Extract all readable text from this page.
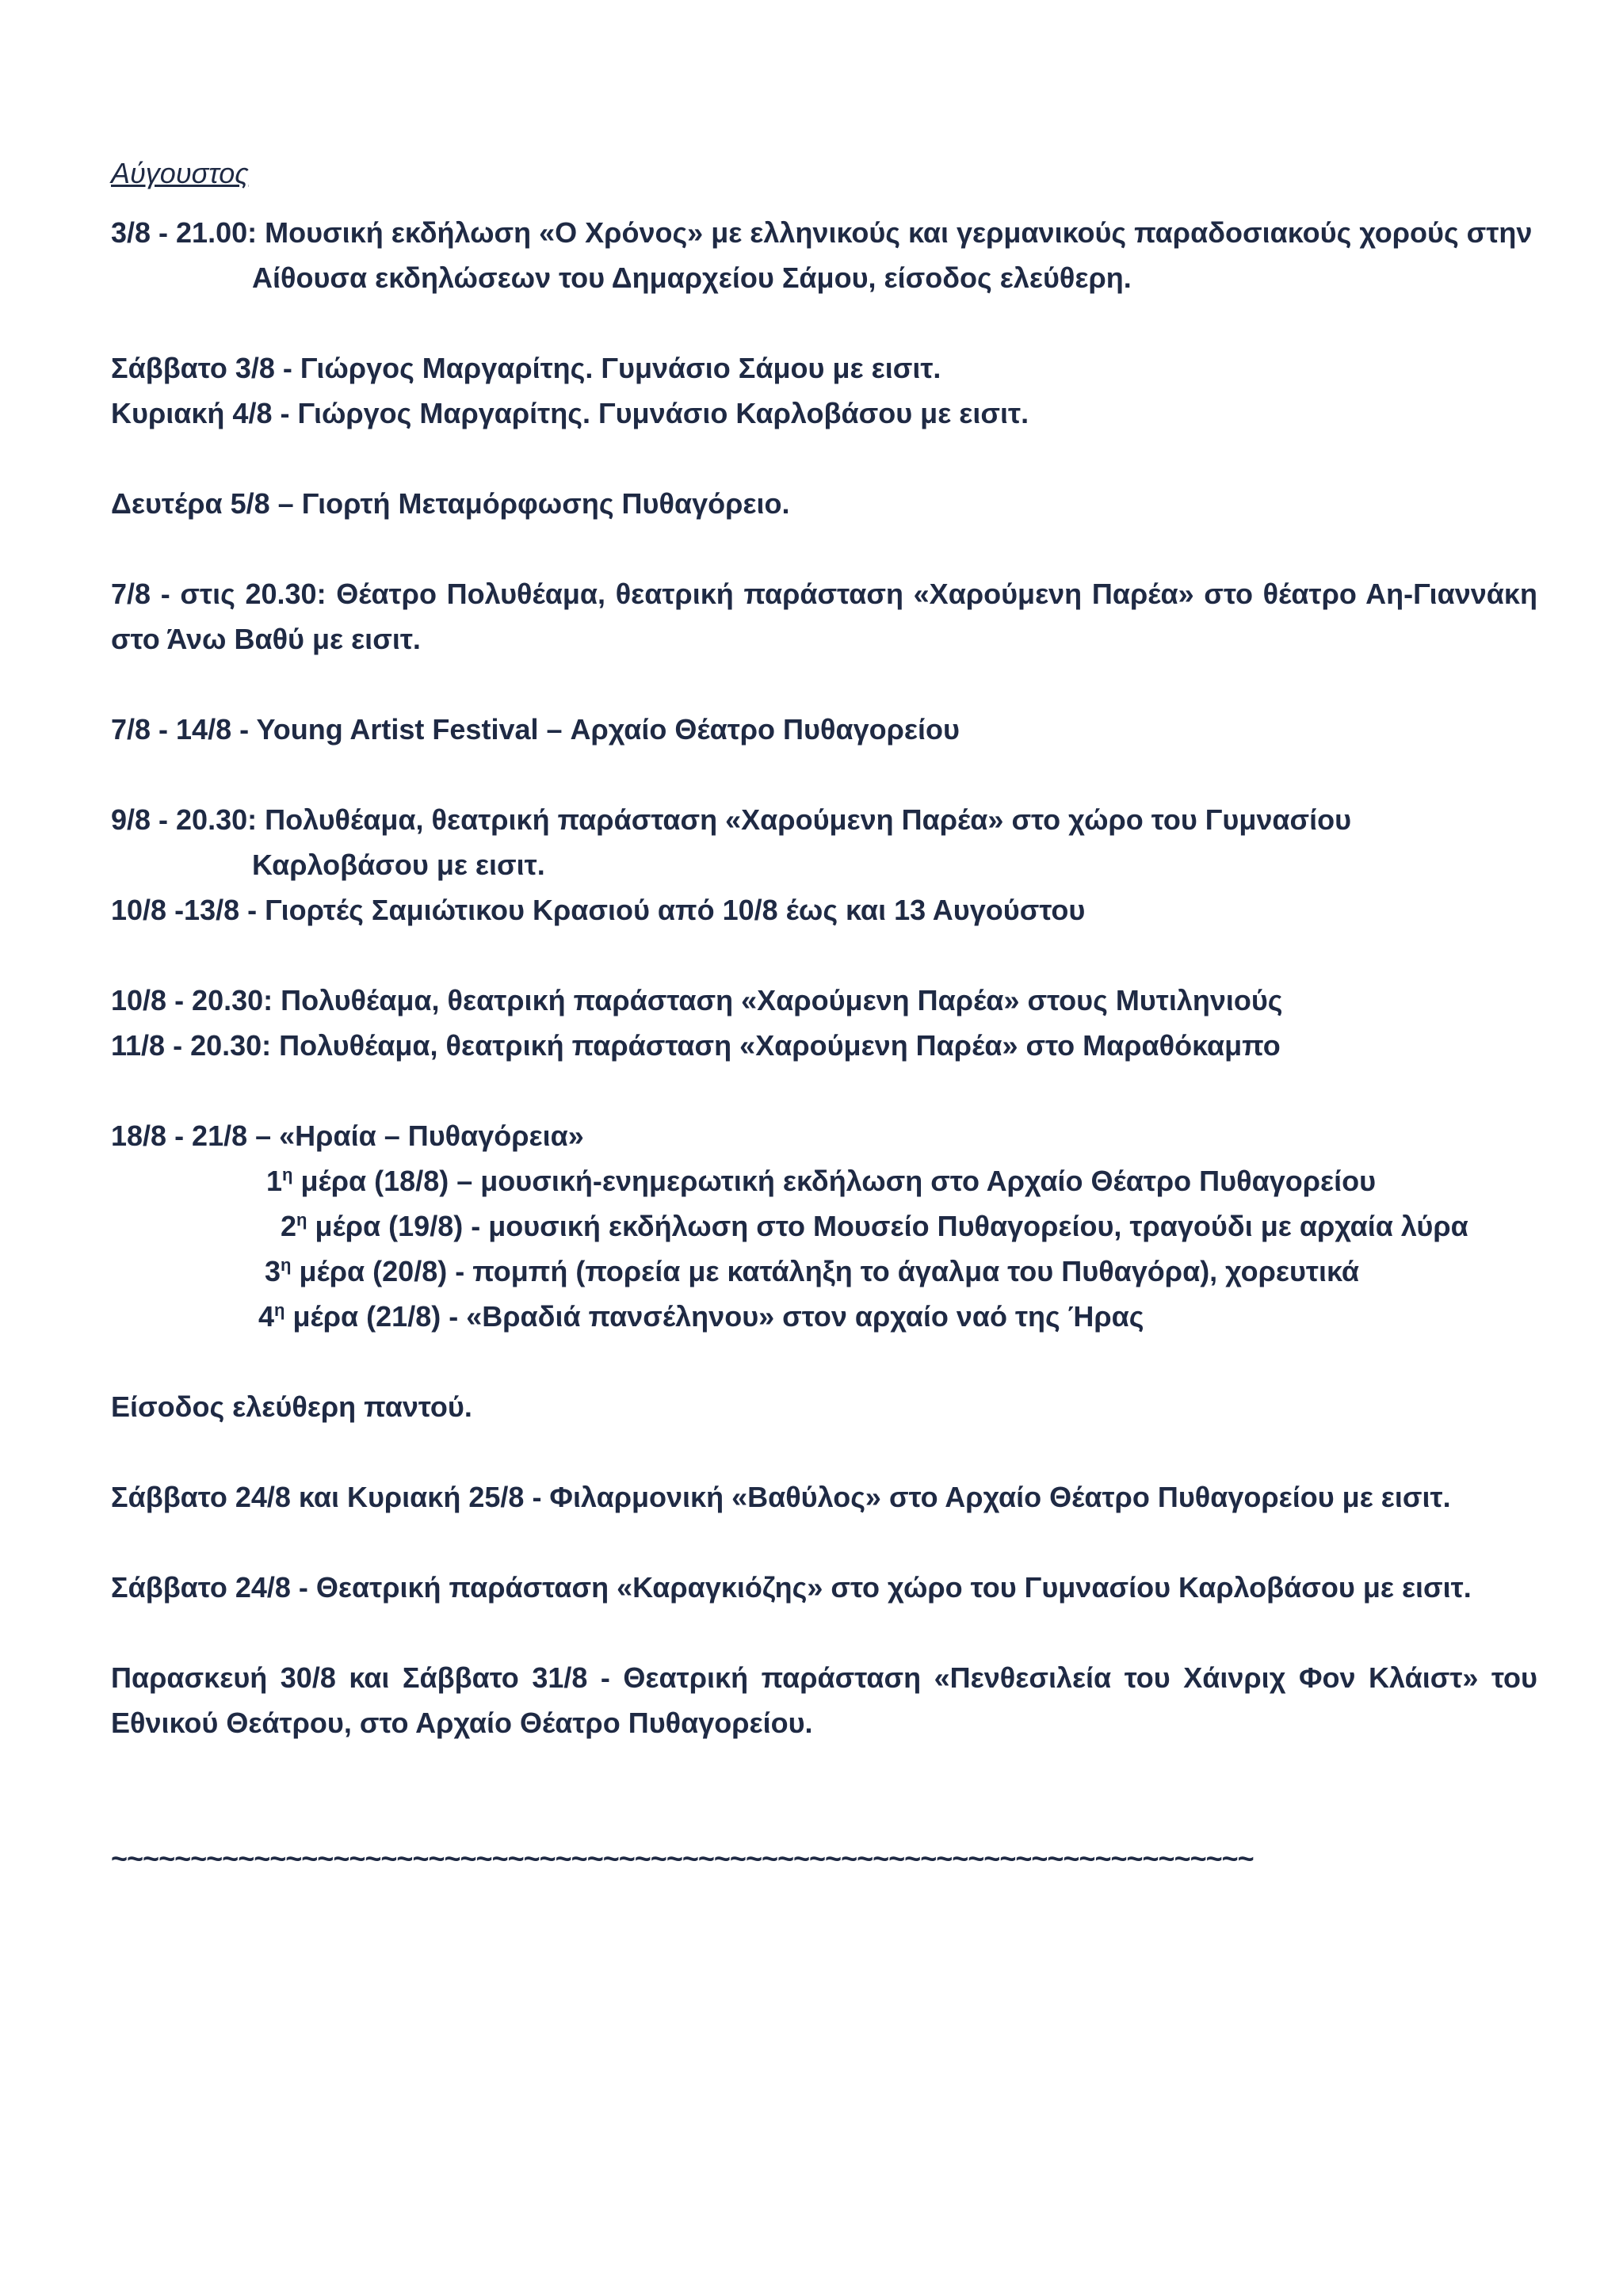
Αύγουστος
3/8 - 21.00: Μουσική εκδήλωση «Ο Χρόνος» με ελληνικούς και γερμανικούς παραδοσιακούς χορούς στην
Αίθουσα εκδηλώσεων του Δημαρχείου Σάμου, είσοδος ελεύθερη.
Σάββατο 3/8 - Γιώργος Μαργαρίτης. Γυμνάσιο Σάμου με εισιτ.
Κυριακή 4/8 - Γιώργος Μαργαρίτης. Γυμνάσιο Καρλοβάσου με εισιτ.
Δευτέρα 5/8 – Γιορτή Μεταμόρφωσης Πυθαγόρειο.
7/8 - στις 20.30: Θέατρο Πολυθέαμα, θεατρική παράσταση «Χαρούμενη Παρέα» στο θέατρο Αη-Γιαννάκη στο Άνω Βαθύ με εισιτ.
7/8 - 14/8 - Young Artist Festival – Αρχαίο Θέατρο Πυθαγορείου
9/8 - 20.30: Πολυθέαμα, θεατρική παράσταση «Χαρούμενη Παρέα» στο χώρο του Γυμνασίου
Καρλοβάσου με εισιτ.
10/8 -13/8 - Γιορτές Σαμιώτικου Κρασιού από 10/8 έως και 13 Αυγούστου
10/8 - 20.30: Πολυθέαμα, θεατρική παράσταση «Χαρούμενη Παρέα» στους Μυτιληνιούς
11/8 - 20.30: Πολυθέαμα, θεατρική παράσταση «Χαρούμενη Παρέα» στο Μαραθόκαμπο
18/8 - 21/8 – «Ηραία – Πυθαγόρεια»
$1^\eta$ μέρα (18/8) – μουσική-ενημερωτική εκδήλωση στο Αρχαίο Θέατρο Πυθαγορείου
$2^\eta$ μέρα (19/8) - μουσική εκδήλωση στο Μουσείο Πυθαγορείου, τραγούδι με αρχαία λύρα
$3^\eta$ μέρα (20/8) - πομπή (πορεία με κατάληξη το άγαλμα του Πυθαγόρα), χορευτικά
$4^\eta$ μέρα (21/8) - «Βραδιά πανσέληνου» στον αρχαίο ναό της Ήρας
Είσοδος ελεύθερη παντού.
Σάββατο 24/8 και Κυριακή 25/8 - Φιλαρμονική «Βαθύλος» στο Αρχαίο Θέατρο Πυθαγορείου με εισιτ.
Σάββατο 24/8 - Θεατρική παράσταση «Καραγκιόζης» στο χώρο του Γυμνασίου Καρλοβάσου με εισιτ.
Παρασκευή 30/8 και Σάββατο 31/8 - Θεατρική παράσταση «Πενθεσιλεία του Χάινριχ Φον Κλάιστ» του Εθνικού Θεάτρου, στο Αρχαίο Θέατρο Πυθαγορείου.
~~~~~~~~~~~~~~~~~~~~~~~~~~~~~~~~~~~~~~~~~~~~~~~~~~~~~~~~~~~~~~~~~~~~~~~~
